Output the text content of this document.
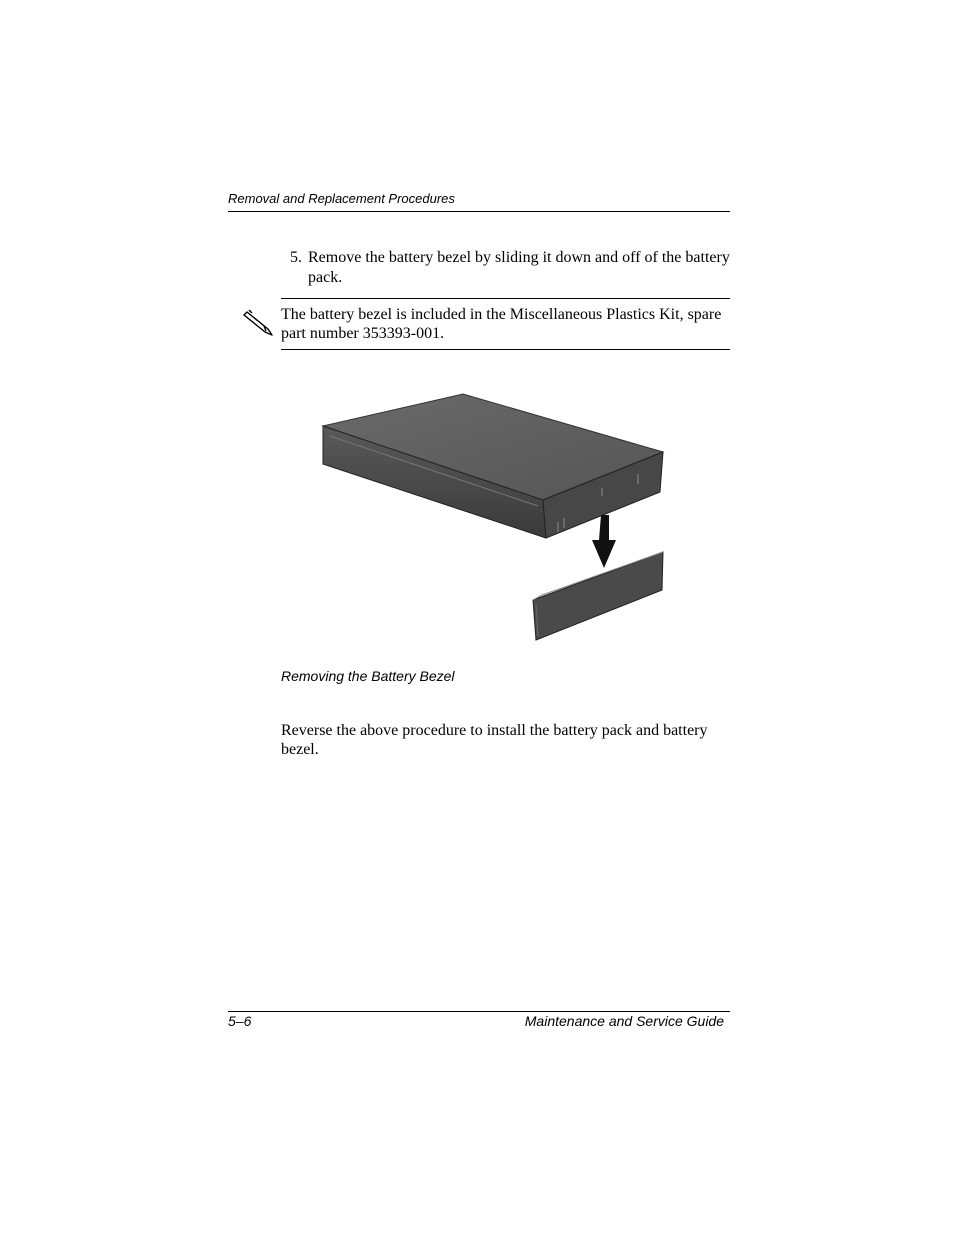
Removal and Replacement Procedures
5. Remove the battery bezel by sliding it down and off of the battery pack.
The battery bezel is included in the Miscellaneous Plastics Kit, spare part number 353393-001.
Removing the Battery Bezel
Reverse the above procedure to install the battery pack and battery bezel.
5–6	Maintenance and Service Guide
